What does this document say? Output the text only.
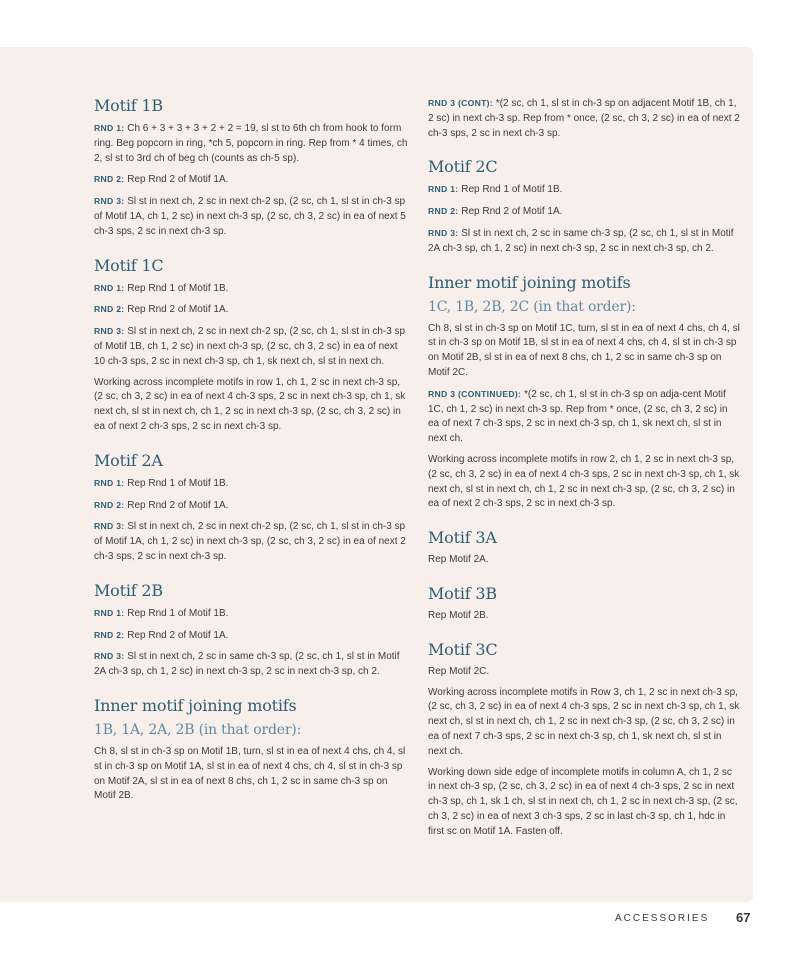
Motif 1B

RND 1: Ch 6 + 3 + 3 + 3 + 2 + 2 = 19, sl st to 6th ch from hook to form ring. Beg popcorn in ring, *ch 5, popcorn in ring. Rep from * 4 times, ch 2, sl st to 3rd ch of beg ch (counts as ch-5 sp).

RND 2: Rep Rnd 2 of Motif 1A.

RND 3: Sl st in next ch, 2 sc in next ch-2 sp, (2 sc, ch 1, sl st in ch-3 sp of Motif 1A, ch 1, 2 sc) in next ch-3 sp, (2 sc, ch 3, 2 sc) in ea of next 5 ch-3 sps, 2 sc in next ch-3 sp.

Motif 1C

RND 1: Rep Rnd 1 of Motif 1B.

RND 2: Rep Rnd 2 of Motif 1A.

RND 3: Sl st in next ch, 2 sc in next ch-2 sp, (2 sc, ch 1, sl st in ch-3 sp of Motif 1B, ch 1, 2 sc) in next ch-3 sp, (2 sc, ch 3, 2 sc) in ea of next 10 ch-3 sps, 2 sc in next ch-3 sp, ch 1, sk next ch, sl st in next ch.

Working across incomplete motifs in row 1, ch 1, 2 sc in next ch-3 sp, (2 sc, ch 3, 2 sc) in ea of next 4 ch-3 sps, 2 sc in next ch-3 sp, ch 1, sk next ch, sl st in next ch, ch 1, 2 sc in next ch-3 sp, (2 sc, ch 3, 2 sc) in ea of next 2 ch-3 sps, 2 sc in next ch-3 sp.

Motif 2A

RND 1: Rep Rnd 1 of Motif 1B.

RND 2: Rep Rnd 2 of Motif 1A.

RND 3: Sl st in next ch, 2 sc in next ch-2 sp, (2 sc, ch 1, sl st in ch-3 sp of Motif 1A, ch 1, 2 sc) in next ch-3 sp, (2 sc, ch 3, 2 sc) in ea of next 2 ch-3 sps, 2 sc in next ch-3 sp.

Motif 2B

RND 1: Rep Rnd 1 of Motif 1B.

RND 2: Rep Rnd 2 of Motif 1A.

RND 3: Sl st in next ch, 2 sc in same ch-3 sp, (2 sc, ch 1, sl st in Motif 2A ch-3 sp, ch 1, 2 sc) in next ch-3 sp, 2 sc in next ch-3 sp, ch 2.

Inner motif joining motifs
1B, 1A, 2A, 2B (in that order):

Ch 8, sl st in ch-3 sp on Motif 1B, turn, sl st in ea of next 4 chs, ch 4, sl st in ch-3 sp on Motif 1A, sl st in ea of next 4 chs, ch 4, sl st in ch-3 sp on Motif 2A, sl st in ea of next 8 chs, ch 1, 2 sc in same ch-3 sp on Motif 2B.

RND 3 (CONT): *(2 sc, ch 1, sl st in ch-3 sp on adjacent Motif 1B, ch 1, 2 sc) in next ch-3 sp. Rep from * once, (2 sc, ch 3, 2 sc) in ea of next 2 ch-3 sps, 2 sc in next ch-3 sp.

Motif 2C

RND 1: Rep Rnd 1 of Motif 1B.

RND 2: Rep Rnd 2 of Motif 1A.

RND 3: Sl st in next ch, 2 sc in same ch-3 sp, (2 sc, ch 1, sl st in Motif 2A ch-3 sp, ch 1, 2 sc) in next ch-3 sp, 2 sc in next ch-3 sp, ch 2.

Inner motif joining motifs
1C, 1B, 2B, 2C (in that order):

Ch 8, sl st in ch-3 sp on Motif 1C, turn, sl st in ea of next 4 chs, ch 4, sl st in ch-3 sp on Motif 1B, sl st in ea of next 4 chs, ch 4, sl st in ch-3 sp on Motif 2B, sl st in ea of next 8 chs, ch 1, 2 sc in same ch-3 sp on Motif 2C.

RND 3 (CONTINUED): *(2 sc, ch 1, sl st in ch-3 sp on adja-cent Motif 1C, ch 1, 2 sc) in next ch-3 sp. Rep from * once, (2 sc, ch 3, 2 sc) in ea of next 7 ch-3 sps, 2 sc in next ch-3 sp, ch 1, sk next ch, sl st in next ch.

Working across incomplete motifs in row 2, ch 1, 2 sc in next ch-3 sp, (2 sc, ch 3, 2 sc) in ea of next 4 ch-3 sps, 2 sc in next ch-3 sp, ch 1, sk next ch, sl st in next ch, ch 1, 2 sc in next ch-3 sp, (2 sc, ch 3, 2 sc) in ea of next 2 ch-3 sps, 2 sc in next ch-3 sp.

Motif 3A

Rep Motif 2A.

Motif 3B

Rep Motif 2B.

Motif 3C

Rep Motif 2C.

Working across incomplete motifs in Row 3, ch 1, 2 sc in next ch-3 sp, (2 sc, ch 3, 2 sc) in ea of next 4 ch-3 sps, 2 sc in next ch-3 sp, ch 1, sk next ch, sl st in next ch, ch 1, 2 sc in next ch-3 sp, (2 sc, ch 3, 2 sc) in ea of next 7 ch-3 sps, 2 sc in next ch-3 sp, ch 1, sk next ch, sl st in next ch.

Working down side edge of incomplete motifs in column A, ch 1, 2 sc in next ch-3 sp, (2 sc, ch 3, 2 sc) in ea of next 4 ch-3 sps, 2 sc in next ch-3 sp, ch 1, sk 1 ch, sl st in next ch, ch 1, 2 sc in next ch-3 sp, (2 sc, ch 3, 2 sc) in ea of next 3 ch-3 sps, 2 sc in last ch-3 sp, ch 1, hdc in first sc on Motif 1A. Fasten off.

ACCESSORIES 67
